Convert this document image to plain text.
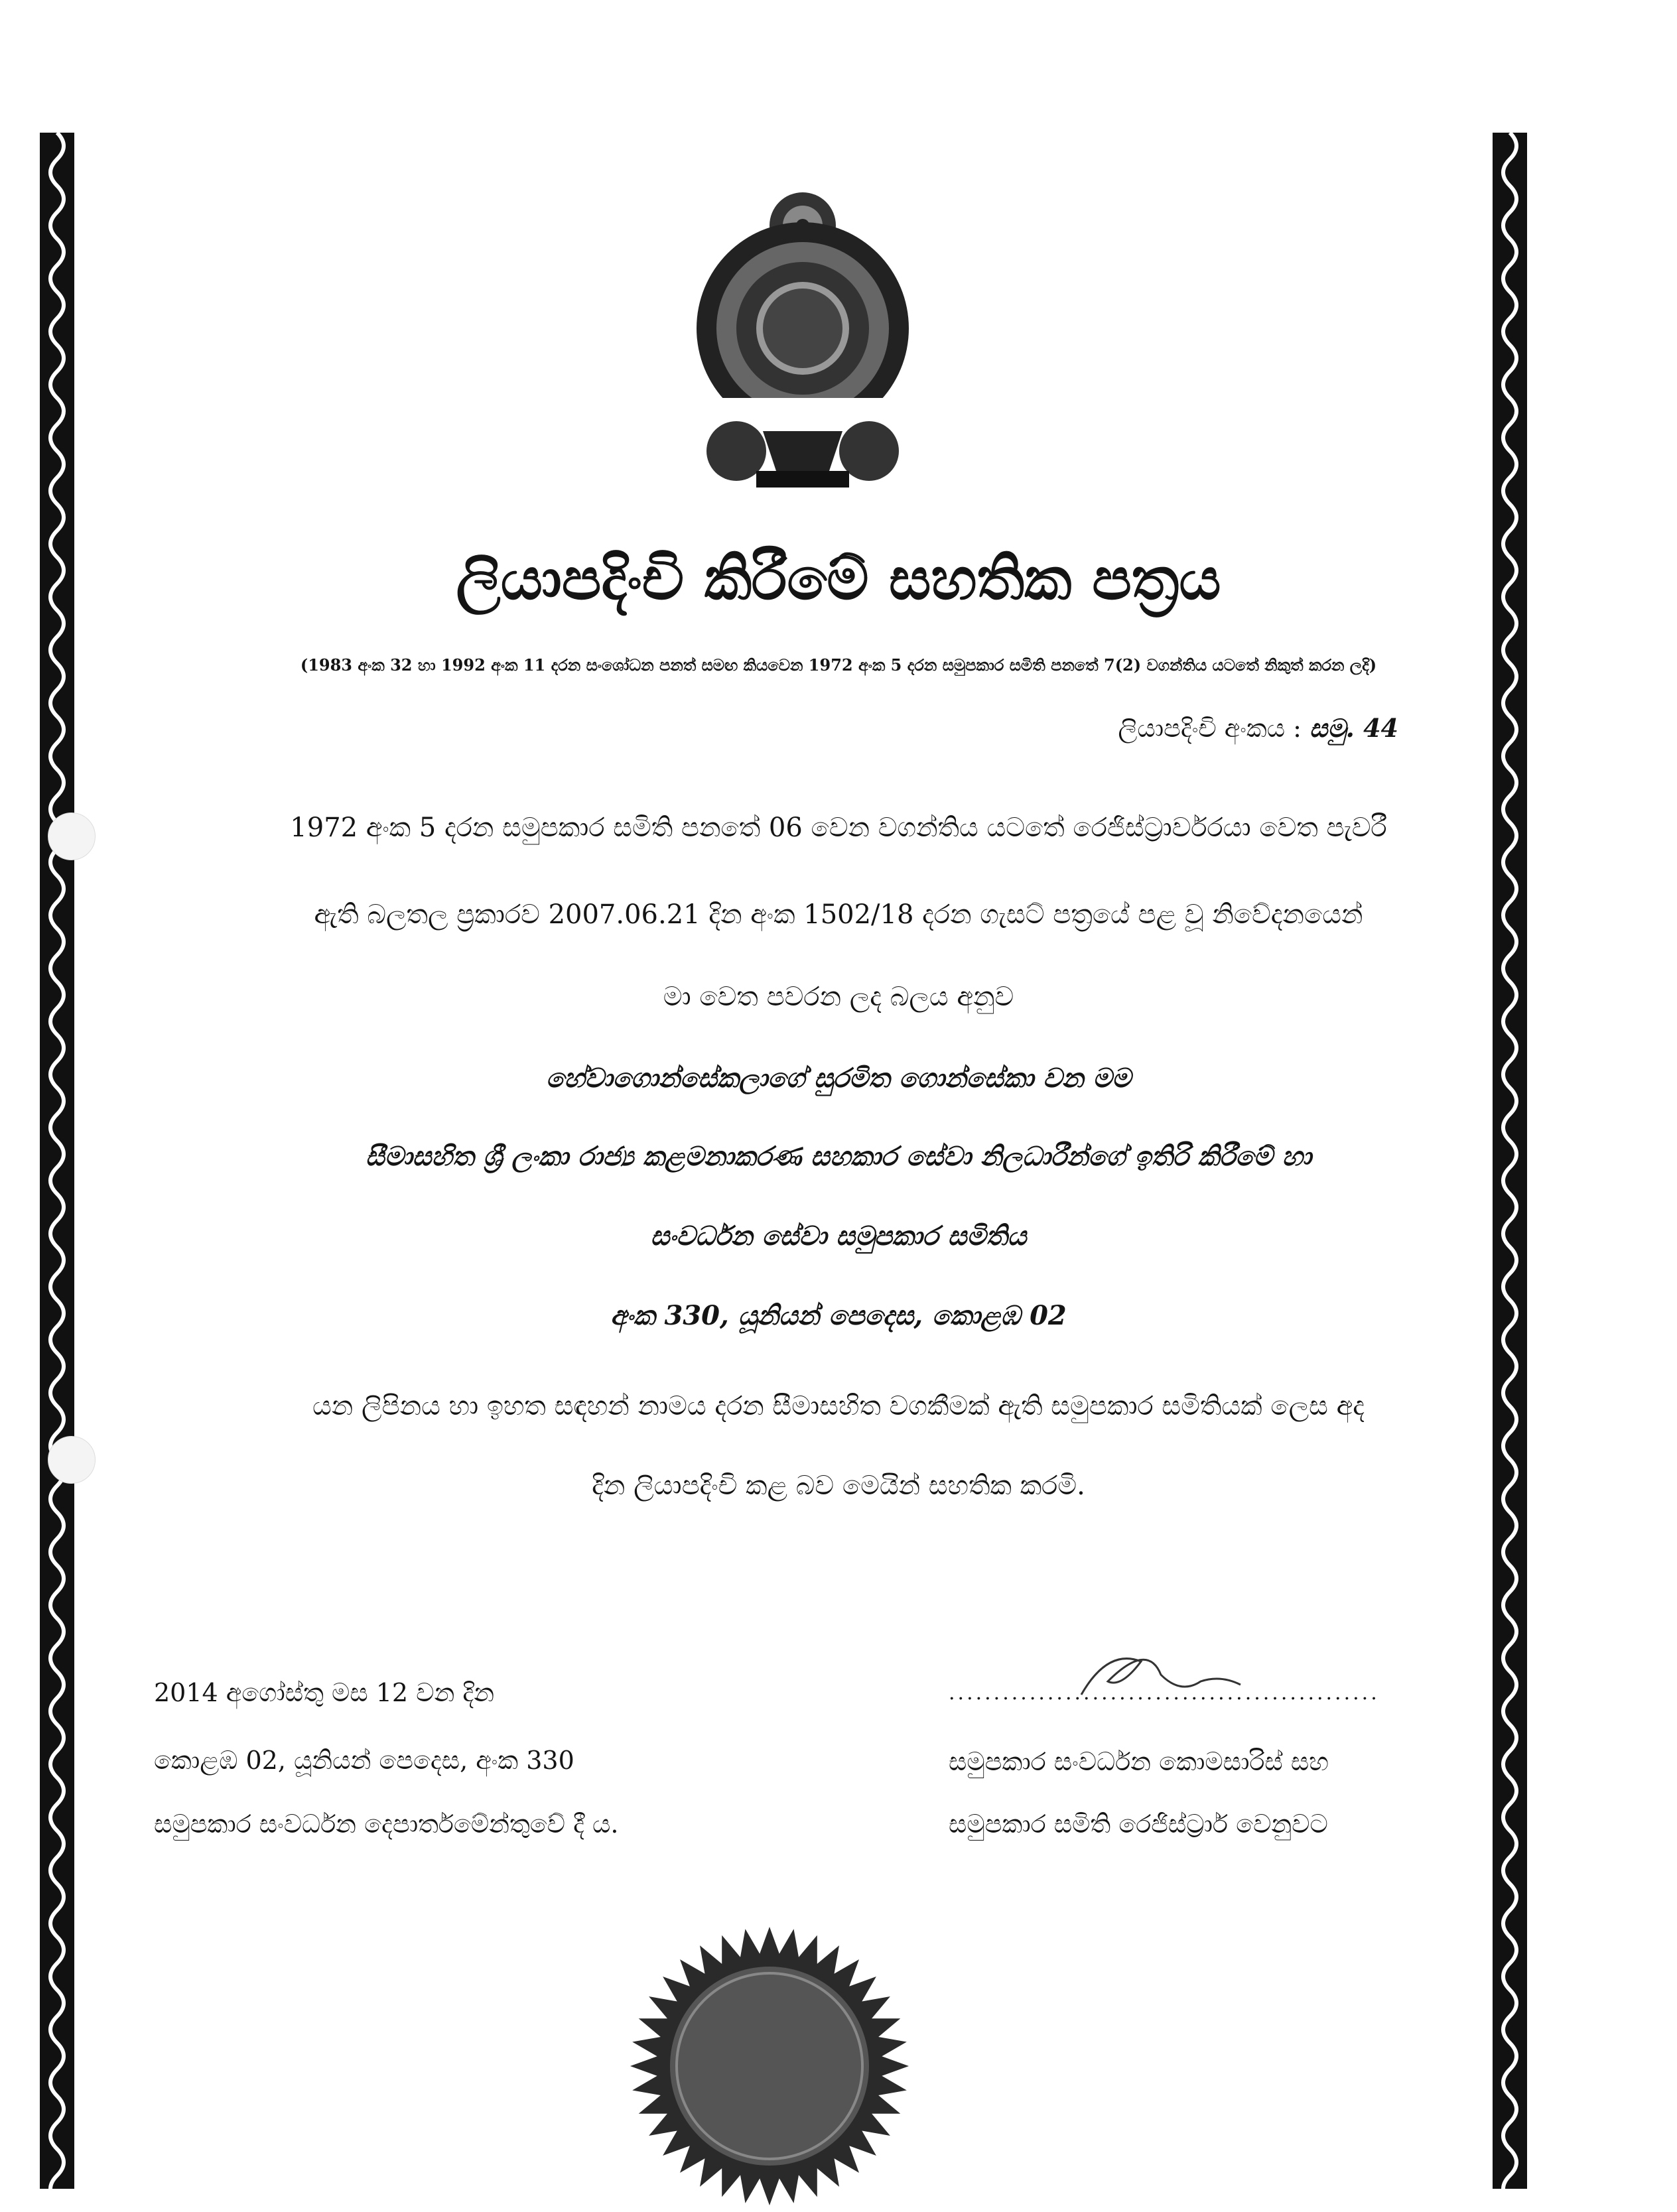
ලියාපදිංචි කිරීමේ සහතික පත්‍රය
(1983 අංක 32 හා 1992 අංක 11 දරන සංශෝධන පනත් සමඟ කියවෙන 1972 අංක 5 දරන සමුපකාර සමිති පනතේ 7(2) වගන්තිය යටතේ නිකුත් කරන ලදි)
ලියාපදිංචි අංකය : සමු. 44
1972 අංක 5 දරන සමුපකාර සමිති පනතේ 06 වෙන වගන්තිය යටතේ රෙජිස්ට්‍රාර්වරයා වෙත පැවරී
ඇති බලතල ප්‍රකාරව 2007.06.21 දින අංක 1502/18 දරන ගැසට් පත්‍රයේ පළ වූ නිවේදනයෙන්
මා වෙත පවරන ලද බලය අනුව
හේවාගොන්සේකලාගේ සුරමිත ගොන්සේකා වන මම
සීමාසහිත ශ්‍රී ලංකා රාජ්‍ය කළමනාකරණ සහකාර සේවා නිලධාරීන්ගේ ඉතිරි කිරීමේ හා
සංවර්ධන සේවා සමුපකාර සමිතිය
අංක 330, යූනියන් පෙදෙස, කොළඹ 02
යන ලිපිනය හා ඉහත සඳහන් නාමය දරන සීමාසහිත වගකීමක් ඇති සමුපකාර සමිතියක් ලෙස අද
දින ලියාපදිංචි කළ බව මෙයින් සහතික කරමි.
2014 අගෝස්තු මස 12 වන දින
කොළඹ 02, යූනියන් පෙදෙස, අංක 330
සමුපකාර සංවර්ධන දෙපාර්තමේන්තුවේ දී ය.
................................................
සමුපකාර සංවර්ධන කොමසාරිස් සහ
සමුපකාර සමිති රෙජිස්ට්‍රාර් වෙනුවට
